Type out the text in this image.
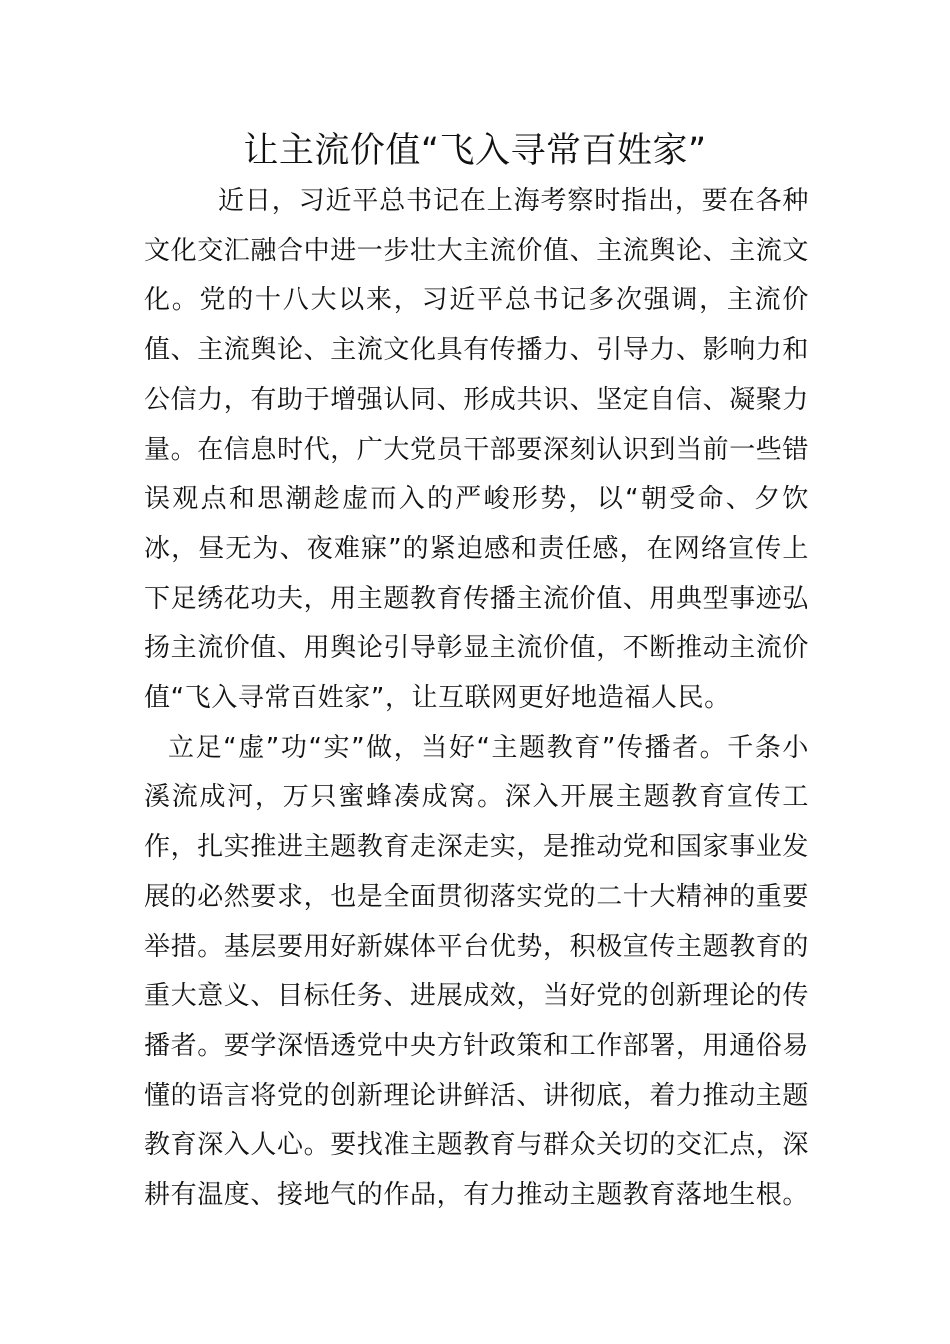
让主流价值“飞入寻常百姓家”

近日，习近平总书记在上海考察时指出，要在各种文化交汇融合中进一步壮大主流价值、主流舆论、主流文化。党的十八大以来，习近平总书记多次强调，主流价值、主流舆论、主流文化具有传播力、引导力、影响力和公信力，有助于增强认同、形成共识、坚定自信、凝聚力量。在信息时代，广大党员干部要深刻认识到当前一些错误观点和思潮趁虚而入的严峻形势，以“朝受命、夕饮冰，昼无为、夜难寐”的紧迫感和责任感，在网络宣传上下足绣花功夫，用主题教育传播主流价值、用典型事迹弘扬主流价值、用舆论引导彰显主流价值，不断推动主流价值“飞入寻常百姓家”，让互联网更好地造福人民。

立足“虚”功“实”做，当好“主题教育”传播者。千条小溪流成河，万只蜜蜂凑成窝。深入开展主题教育宣传工作，扎实推进主题教育走深走实，是推动党和国家事业发展的必然要求，也是全面贯彻落实党的二十大精神的重要举措。基层要用好新媒体平台优势，积极宣传主题教育的重大意义、目标任务、进展成效，当好党的创新理论的传播者。要学深悟透党中央方针政策和工作部署，用通俗易懂的语言将党的创新理论讲鲜活、讲彻底，着力推动主题教育深入人心。要找准主题教育与群众关切的交汇点，深耕有温度、接地气的作品，有力推动主题教育落地生根。
